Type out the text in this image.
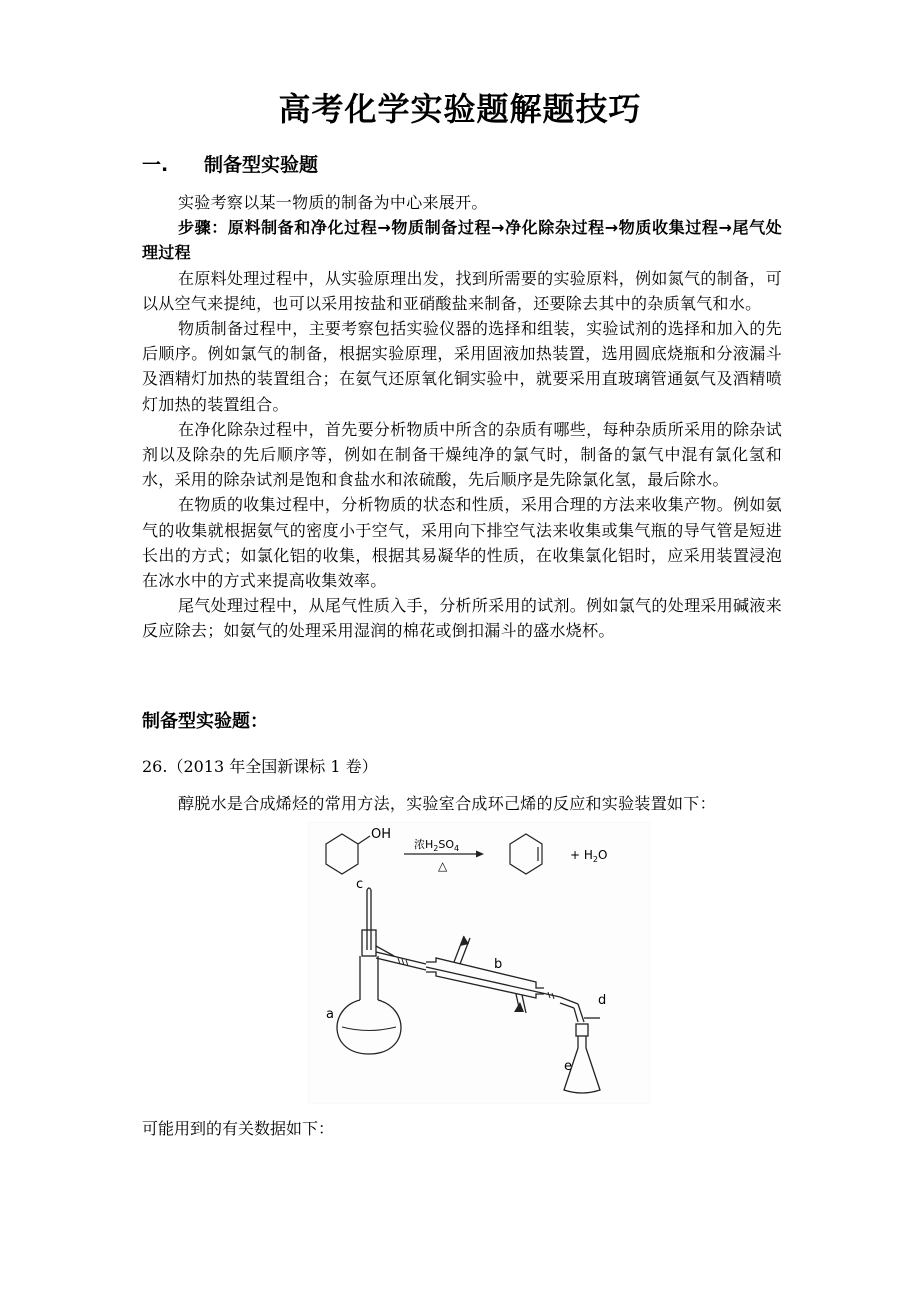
高考化学实验题解题技巧
一. 制备型实验题

实验考察以某一物质的制备为中心来展开。

步骤：原料制备和净化过程→物质制备过程→净化除杂过程→物质收集过程→尾气处理过程

在原料处理过程中，从实验原理出发，找到所需要的实验原料，例如氮气的制备，可以从空气来提纯，也可以采用按盐和亚硝酸盐来制备，还要除去其中的杂质氧气和水。

物质制备过程中，主要考察包括实验仪器的选择和组装，实验试剂的选择和加入的先后顺序。例如氯气的制备，根据实验原理，采用固液加热装置，选用圆底烧瓶和分液漏斗及酒精灯加热的装置组合；在氨气还原氧化铜实验中，就要采用直玻璃管通氨气及酒精喷灯加热的装置组合。

在净化除杂过程中，首先要分析物质中所含的杂质有哪些，每种杂质所采用的除杂试剂以及除杂的先后顺序等，例如在制备干燥纯净的氯气时，制备的氯气中混有氯化氢和水，采用的除杂试剂是饱和食盐水和浓硫酸，先后顺序是先除氯化氢，最后除水。

在物质的收集过程中，分析物质的状态和性质，采用合理的方法来收集产物。例如氨气的收集就根据氨气的密度小于空气，采用向下排空气法来收集或集气瓶的导气管是短进长出的方式；如氯化铝的收集，根据其易凝华的性质，在收集氯化铝时，应采用装置浸泡在冰水中的方式来提高收集效率。

尾气处理过程中，从尾气性质入手，分析所采用的试剂。例如氯气的处理采用碱液来反应除去；如氨气的处理采用湿润的棉花或倒扣漏斗的盛水烧杯。

制备型实验题：
26.（2013 年全国新课标 1 卷）
醇脱水是合成烯烃的常用方法，实验室合成环己烯的反应和实验装置如下：
OH
浓$H_2SO_4$
△
+ $H_2O$
c
a
b
d
e
可能用到的有关数据如下：
